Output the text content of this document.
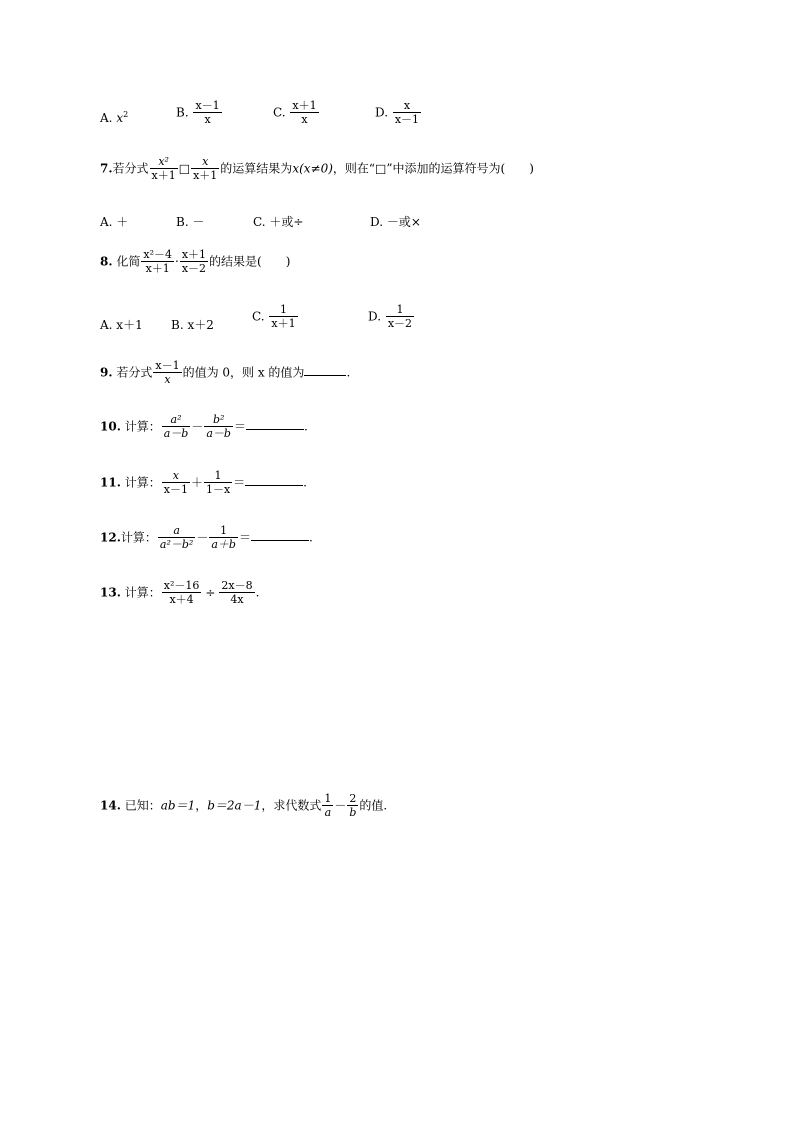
A. $x^2$	B. $\frac{x-1}{x}$	C. $\frac{x+1}{x}$	D. $\frac{x}{x-1}$
7.若分式 $\frac{\text{x²}}{x+1}$ □ $\frac{x}{x+1}$ 的运算结果为x(x≠0)，则在“□”中添加的运算符号为(　　)
A. ＋	B. －	C. ＋或÷	D. －或×
8. 化简 $\frac{\text{x²－4}}{x+1} \cdot \frac{x+1}{x-2}$ 的结果是(　　)
A. x＋1 B. x＋2
C. $\frac{1}{x+1}$	D. $\frac{1}{x-2}$
9. 若分式 $\frac{x-1}{x}$ 的值为 0，则 x 的值为	.
10. 计算： $\frac{\text{a²}}{a-b} - \frac{\text{b²}}{a-b}$ ＝	.
11. 计算： $\frac{x}{x-1} + \frac{1}{1-x}$ ＝	.
12.计算： $\frac{a}{\text{a²－b²}} - \frac{1}{a+b}$ ＝	.
13. 计算： $\frac{\text{x²－16}}{x+4} \div \frac{2x-8}{4x}$ .
14. 已知：ab＝1，b＝2a－1，求代数式 $\frac{1}{a} - \frac{2}{b}$ 的值.
